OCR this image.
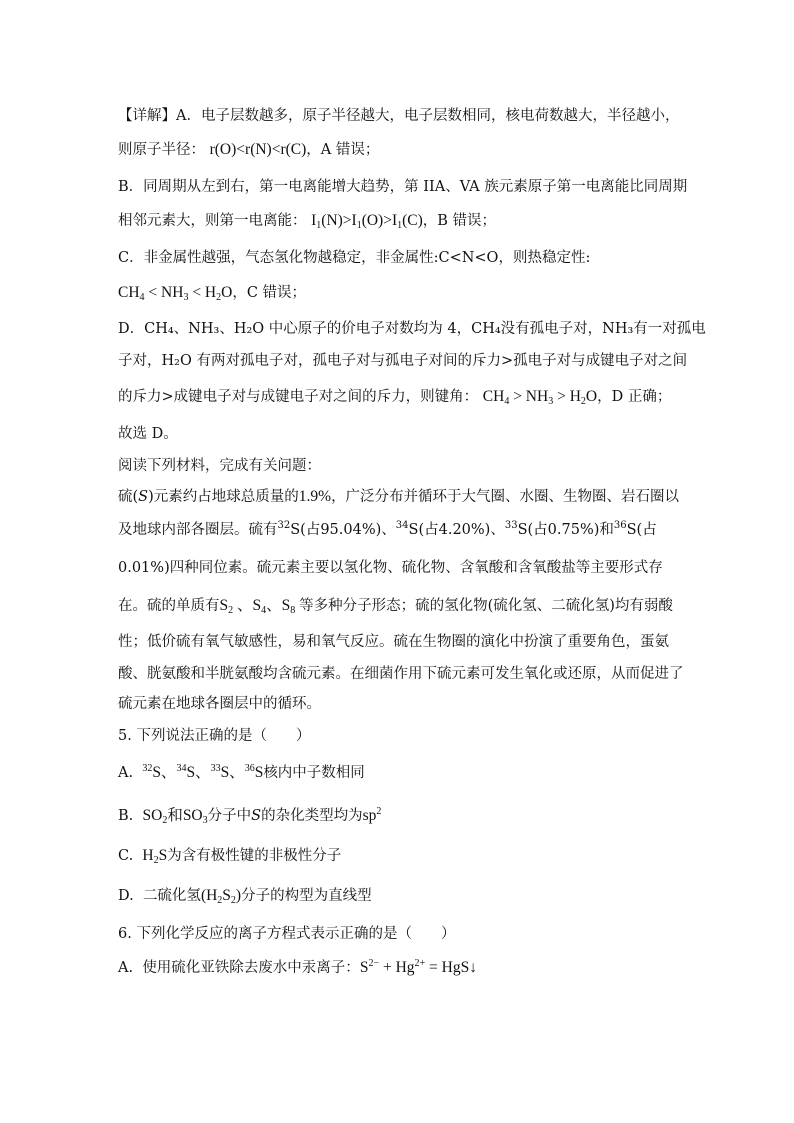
【详解】A．电子层数越多，原子半径越大，电子层数相同，核电荷数越大，半径越小，
则原子半径： r(O)<r(N)<r(C)，A 错误；
B．同周期从左到右，第一电离能增大趋势，第 IIA、VA 族元素原子第一电离能比同周期
相邻元素大，则第一电离能： $I_1(N)>I_1(O)>I_1(C)$，B 错误；
C．非金属性越强，气态氢化物越稳定，非金属性:C<N<O，则热稳定性:
$CH_4 < NH_3 < H_2O$，C 错误；
D．CH₄、NH₃、H₂O 中心原子的价电子对数均为 4，CH₄没有孤电子对，NH₃有一对孤电
子对，H₂O 有两对孤电子对，孤电子对与孤电子对间的斥力>孤电子对与成键电子对之间
的斥力>成键电子对与成键电子对之间的斥力，则键角： $CH_4 > NH_3 > H_2O$，D 正确；
故选 D。
阅读下列材料，完成有关问题：
硫(S)元素约占地球总质量的1.9%，广泛分布并循环于大气圈、水圈、生物圈、岩石圈以
及地球内部各圈层。硫有$^{32}$S(占95.04%)、$^{34}$S(占4.20%)、$^{33}$S(占0.75%)和$^{36}$S(占
0.01%)四种同位素。硫元素主要以氢化物、硫化物、含氧酸和含氧酸盐等主要形式存
在。硫的单质有$S_2$ 、$S_4$、$S_8$ 等多种分子形态；硫的氢化物(硫化氢、二硫化氢)均有弱酸
性；低价硫有氧气敏感性，易和氧气反应。硫在生物圈的演化中扮演了重要角色，蛋氨
酸、胱氨酸和半胱氨酸均含硫元素。在细菌作用下硫元素可发生氧化或还原，从而促进了
硫元素在地球各圈层中的循环。
5. 下列说法正确的是（　　）
A. $^{32}$S、$^{34}$S、$^{33}$S、$^{36}$S核内中子数相同
B. $SO_2$和$SO_3$分子中S的杂化类型均为$sp^2$
C. $H_2S$为含有极性键的非极性分子
D. 二硫化氢$(H_2S_2)$分子的构型为直线型
6. 下列化学反应的离子方程式表示正确的是（　　）
A. 使用硫化亚铁除去废水中汞离子：$S^{2-} + Hg^{2+}$ = HgS↓
